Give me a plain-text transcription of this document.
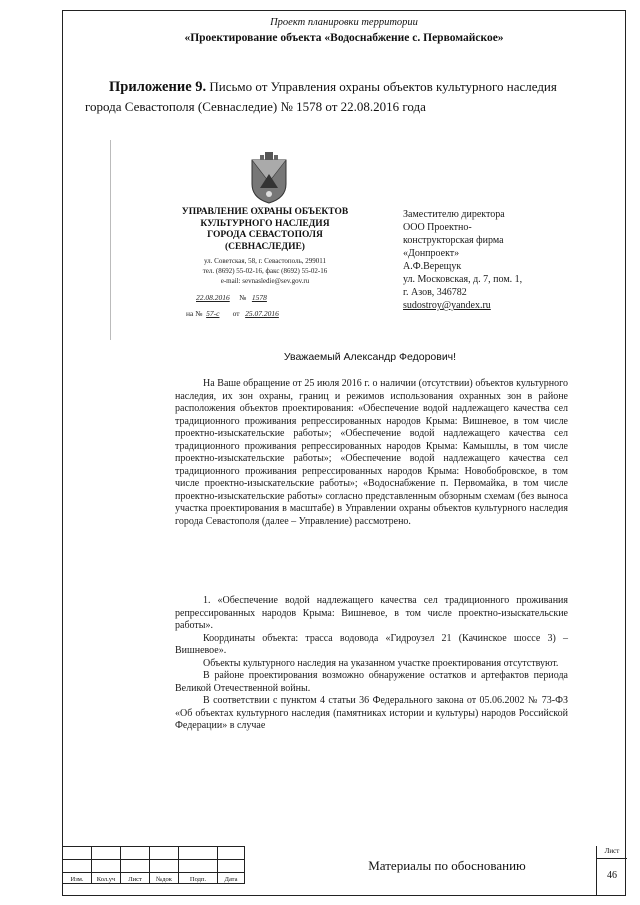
Проект планировки территории
«Проектирование объекта «Водоснабжение с. Первомайское»
Приложение 9. Письмо от Управления охраны объектов культурного наследия города Севастополя (Севнаследие) № 1578 от 22.08.2016 года
УПРАВЛЕНИЕ ОХРАНЫ ОБЪЕКТОВ
КУЛЬТУРНОГО НАСЛЕДИЯ
ГОРОДА СЕВАСТОПОЛЯ
(СЕВНАСЛЕДИЕ)
ул. Советская, 58, г. Севастополь, 299011
тел. (8692) 55-02-16, факс (8692) 55-02-16
e-mail: sevnasledie@sev.gov.ru
22.08.2016 № 1578
на № 57-с от 25.07.2016
Заместителю директора
ООО Проектно-
конструкторская фирма
«Донпроект»
А.Ф.Верещук
ул. Московская, д. 7, пом. 1,
г. Азов, 346782
sudostroy@yandex.ru
Уважаемый Александр Федорович!

На Ваше обращение от 25 июля 2016 г. о наличии (отсутствии) объектов культурного наследия, их зон охраны, границ и режимов использования охранных зон в районе расположения объектов проектирования: «Обеспечение водой надлежащего качества сел традиционного проживания репрессированных народов Крыма: Вишневое, в том числе проектно-изыскательские работы»; «Обеспечение водой надлежащего качества сел традиционного проживания репрессированных народов Крыма: Камышлы, в том числе проектно-изыскательские работы»; «Обеспечение водой надлежащего качества сел традиционного проживания репрессированных народов Крыма: Новобобровское, в том числе проектно-изыскательские работы»; «Водоснабжение п. Первомайка, в том числе проектно-изыскательские работы» согласно представленным обзорным схемам (без выноса участка проектирования в масштабе) в Управлении охраны объектов культурного наследия города Севастополя (далее – Управление) рассмотрено.

1. «Обеспечение водой надлежащего качества сел традиционного проживания репрессированных народов Крыма: Вишневое, в том числе проектно-изыскательские работы».

Координаты объекта: трасса водовода «Гидроузел 21 (Качинское шоссе 3) – Вишневое».

Объекты культурного наследия на указанном участке проектирования отсутствуют.

В районе проектирования возможно обнаружение остатков и артефактов периода Великой Отечественной войны.

В соответствии с пунктом 4 статьи 36 Федерального закона от 05.06.2002 № 73-ФЗ «Об объектах культурного наследия (памятниках истории и культуры) народов Российской Федерации» в случае

Изм.	Кол.уч	Лист	№док	Подп.	Дата
Материалы по обоснованию
Лист
46
